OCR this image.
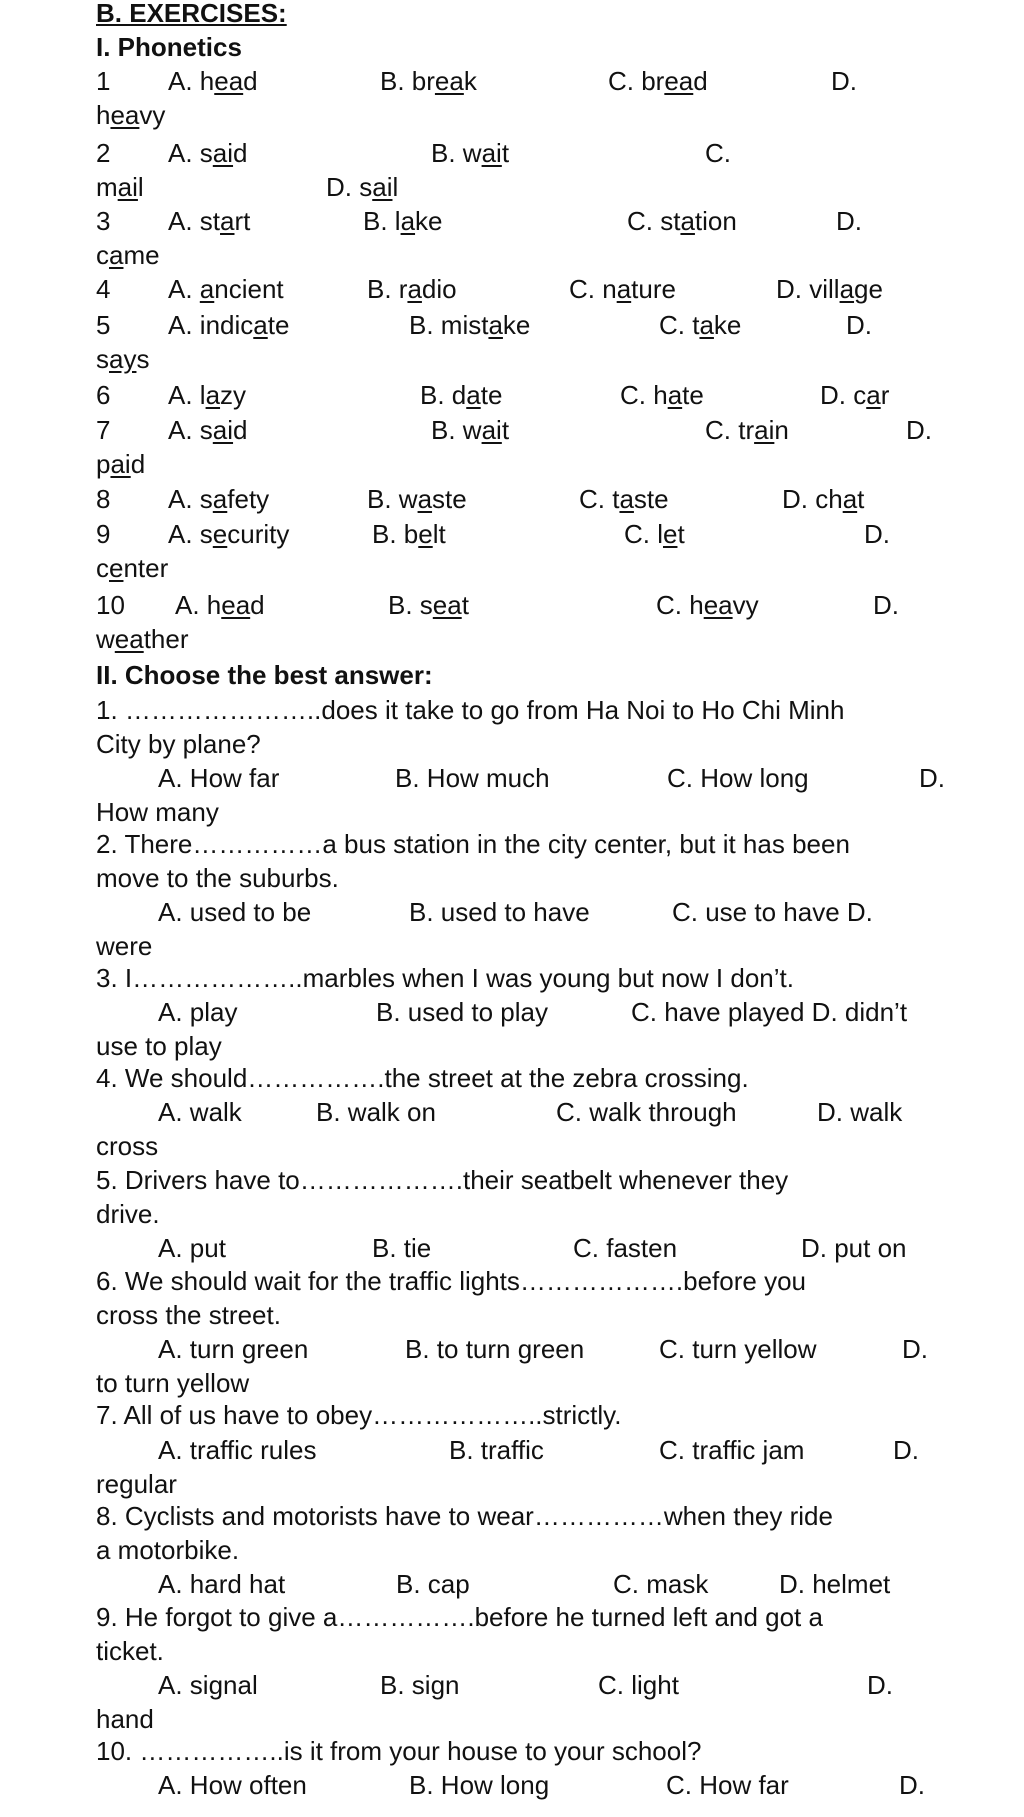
B. EXERCISES:
I. Phonetics
1 A. head	B. break	C. bread	D.
heavy
2 A. said	B. wait	C.
mail	D. sail
3 A. start	B. lake	C. station	D.
came
4 A. ancient	B. radio	C. nature	D. village
5 A. indicate	B. mistake	C. take	D.
says
6 A. lazy	B. date	C. hate	D. car
7 A. said	B. wait	C. train	D.
paid
8 A. safety	B. waste	C. taste	D. chat
9 A. security	B. belt	C. let	D.
center
10 A. head	B. seat	C. heavy	D.
weather
II. Choose the best answer:
1. …………………..does it take to go from Ha Noi to Ho Chi Minh
City by plane?
A. How far	B. How much	C. How long	D.
How many
2. There……………a bus station in the city center, but it has been
move to the suburbs.
A. used to be	B. used to have	C. use to have D.
were
3. I………………..marbles when I was young but now I don’t.
A. play	B. used to play	C. have played D. didn’t
use to play
4. We should…………….the street at the zebra crossing.
A. walk	B. walk on	C. walk through	D. walk
cross
5. Drivers have to……………….their seatbelt whenever they
drive.
A. put	B. tie	C. fasten	D. put on
6. We should wait for the traffic lights……………….before you
cross the street.
A. turn green	B. to turn green	C. turn yellow	D.
to turn yellow
7. All of us have to obey………………..strictly.
A. traffic rules	B. traffic	C. traffic jam	D.
regular
8. Cyclists and motorists have to wear……………when they ride
a motorbike.
A. hard hat	B. cap	C. mask	D. helmet
9. He forgot to give a…………….before he turned left and got a
ticket.
A. signal	B. sign	C. light	D.
hand
10. ……………..is it from your house to your school?
A. How often	B. How long	C. How far	D.
